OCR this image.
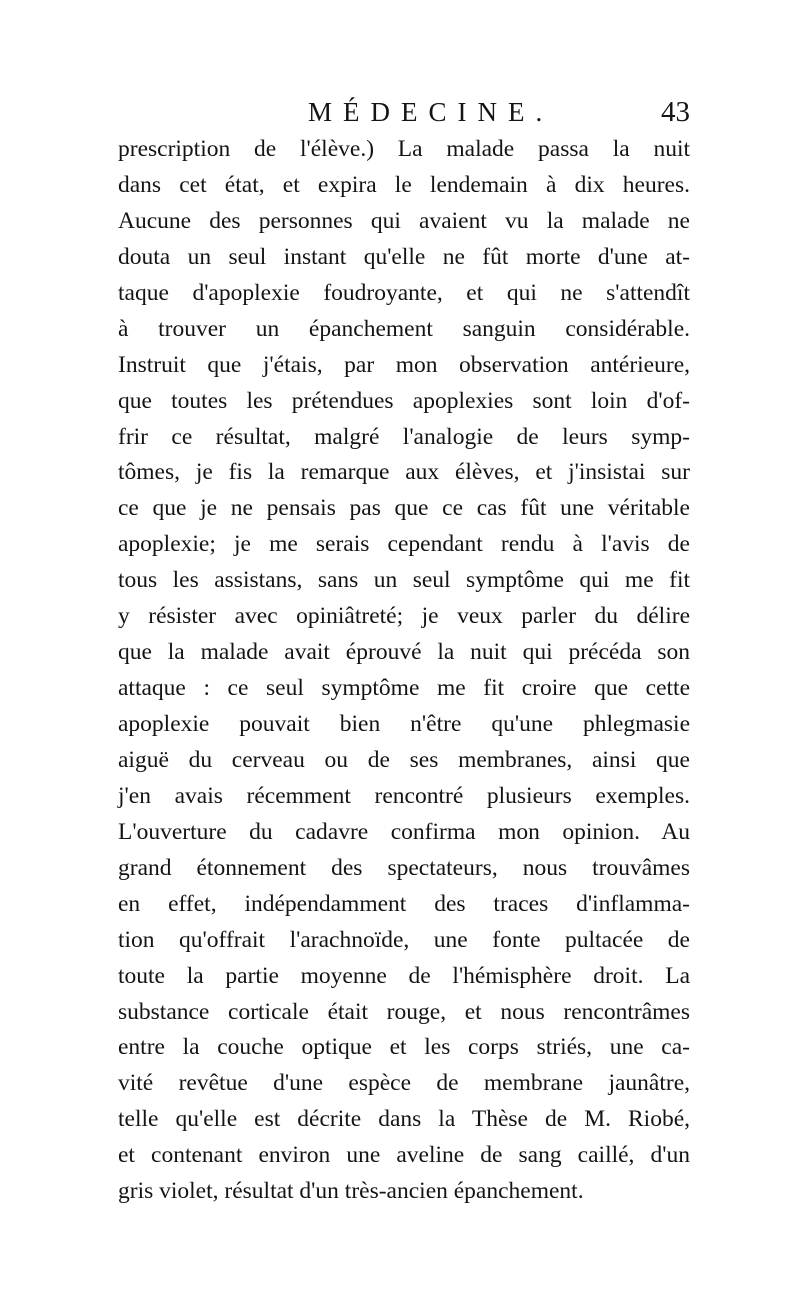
MÉDECINE.	43
prescription de l'élève.) La malade passa la nuit
dans cet état, et expira le lendemain à dix heures.
Aucune des personnes qui avaient vu la malade ne
douta un seul instant qu'elle ne fût morte d'une at-
taque d'apoplexie foudroyante, et qui ne s'attendît
à trouver un épanchement sanguin considérable.
Instruit que j'étais, par mon observation antérieure,
que toutes les prétendues apoplexies sont loin d'of-
frir ce résultat, malgré l'analogie de leurs symp-
tômes, je fis la remarque aux élèves, et j'insistai sur
ce que je ne pensais pas que ce cas fût une véritable
apoplexie; je me serais cependant rendu à l'avis de
tous les assistans, sans un seul symptôme qui me fit
y résister avec opiniâtreté; je veux parler du délire
que la malade avait éprouvé la nuit qui précéda son
attaque : ce seul symptôme me fit croire que cette
apoplexie pouvait bien n'être qu'une phlegmasie
aiguë du cerveau ou de ses membranes, ainsi que
j'en avais récemment rencontré plusieurs exemples.
L'ouverture du cadavre confirma mon opinion. Au
grand étonnement des spectateurs, nous trouvâmes
en effet, indépendamment des traces d'inflamma-
tion qu'offrait l'arachnoïde, une fonte pultacée de
toute la partie moyenne de l'hémisphère droit. La
substance corticale était rouge, et nous rencontrâmes
entre la couche optique et les corps striés, une ca-
vité revêtue d'une espèce de membrane jaunâtre,
telle qu'elle est décrite dans la Thèse de M. Riobé,
et contenant environ une aveline de sang caillé, d'un
gris violet, résultat d'un très-ancien épanchement.
